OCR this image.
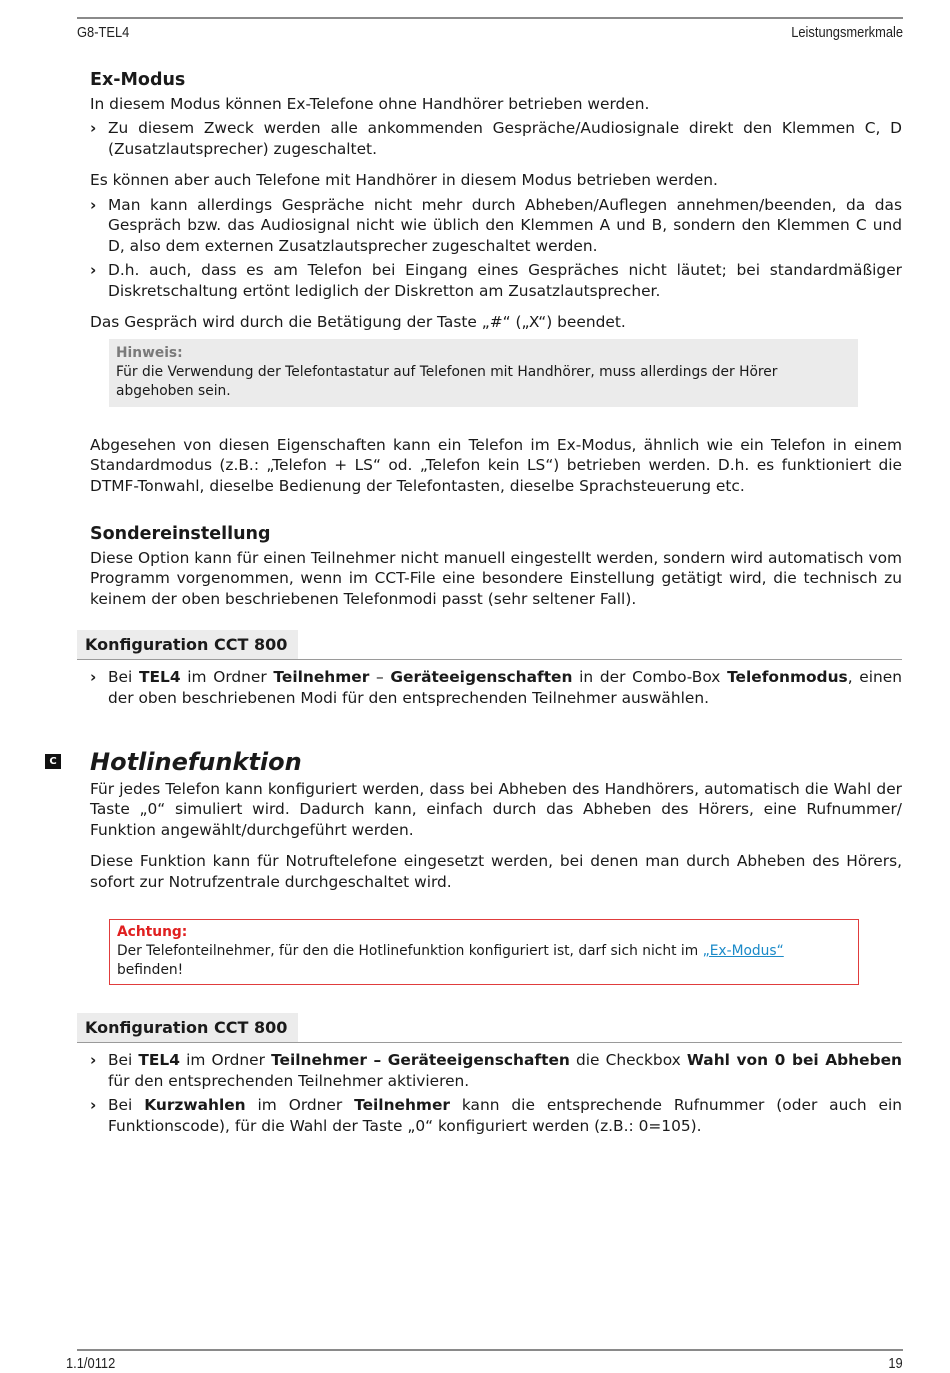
G8-TEL4	Leistungsmerkmale
Ex-Modus

In diesem Modus können Ex-Telefone ohne Handhörer betrieben werden.

› Zu diesem Zweck werden alle ankommenden Gespräche/Audiosignale direkt den Klemmen C, D (Zusatzlautsprecher) zugeschaltet.

Es können aber auch Telefone mit Handhörer in diesem Modus betrieben werden.

› Man kann allerdings Gespräche nicht mehr durch Abheben/Auflegen annehmen/beenden, da das Gespräch bzw. das Audiosignal nicht wie üblich den Klemmen A und B, sondern den Klemmen C und D, also dem externen Zusatzlautsprecher zugeschaltet werden.
› D.h. auch, dass es am Telefon bei Eingang eines Gespräches nicht läutet; bei standardmäßiger Diskretschaltung ertönt lediglich der Diskretton am Zusatzlautsprecher.

Das Gespräch wird durch die Betätigung der Taste „#“ („X“) beendet.

Hinweis:
Für die Verwendung der Telefontastatur auf Telefonen mit Handhörer, muss allerdings der Hörer abgehoben sein.

Abgesehen von diesen Eigenschaften kann ein Telefon im Ex-Modus, ähnlich wie ein Telefon in einem Standardmodus (z.B.: „Telefon + LS“ od. „Telefon kein LS“) betrieben werden. D.h. es funktioniert die DTMF-Tonwahl, dieselbe Bedienung der Telefontasten, dieselbe Sprachsteuerung etc.

Sondereinstellung

Diese Option kann für einen Teilnehmer nicht manuell eingestellt werden, sondern wird automatisch vom Programm vorgenommen, wenn im CCT-File eine besondere Einstellung getätigt wird, die technisch zu keinem der oben beschriebenen Telefonmodi passt (sehr seltener Fall).

Konfiguration CCT 800
› Bei TEL4 im Ordner Teilnehmer – Geräteeigenschaften in der Combo-Box Telefonmodus, einen der oben beschriebenen Modi für den entsprechenden Teilnehmer auswählen.
Hotlinefunktion

Für jedes Telefon kann konfiguriert werden, dass bei Abheben des Handhörers, automatisch die Wahl der Taste „0“ simuliert wird. Dadurch kann, einfach durch das Abheben des Hörers, eine Rufnummer/ Funktion angewählt/durchgeführt werden.

Diese Funktion kann für Notruftelefone eingesetzt werden, bei denen man durch Abheben des Hörers, sofort zur Notrufzentrale durchgeschaltet wird.

Achtung:
Der Telefonteilnehmer, für den die Hotlinefunktion konfiguriert ist, darf sich nicht im „Ex-Modus“ befinden!
Konfiguration CCT 800
› Bei TEL4 im Ordner Teilnehmer – Geräteeigenschaften die Checkbox Wahl von 0 bei Abheben für den entsprechenden Teilnehmer aktivieren.
› Bei Kurzwahlen im Ordner Teilnehmer kann die entsprechende Rufnummer (oder auch ein Funktionscode), für die Wahl der Taste „0“ konfiguriert werden (z.B.: 0=105).
C
1.1/0112	19
